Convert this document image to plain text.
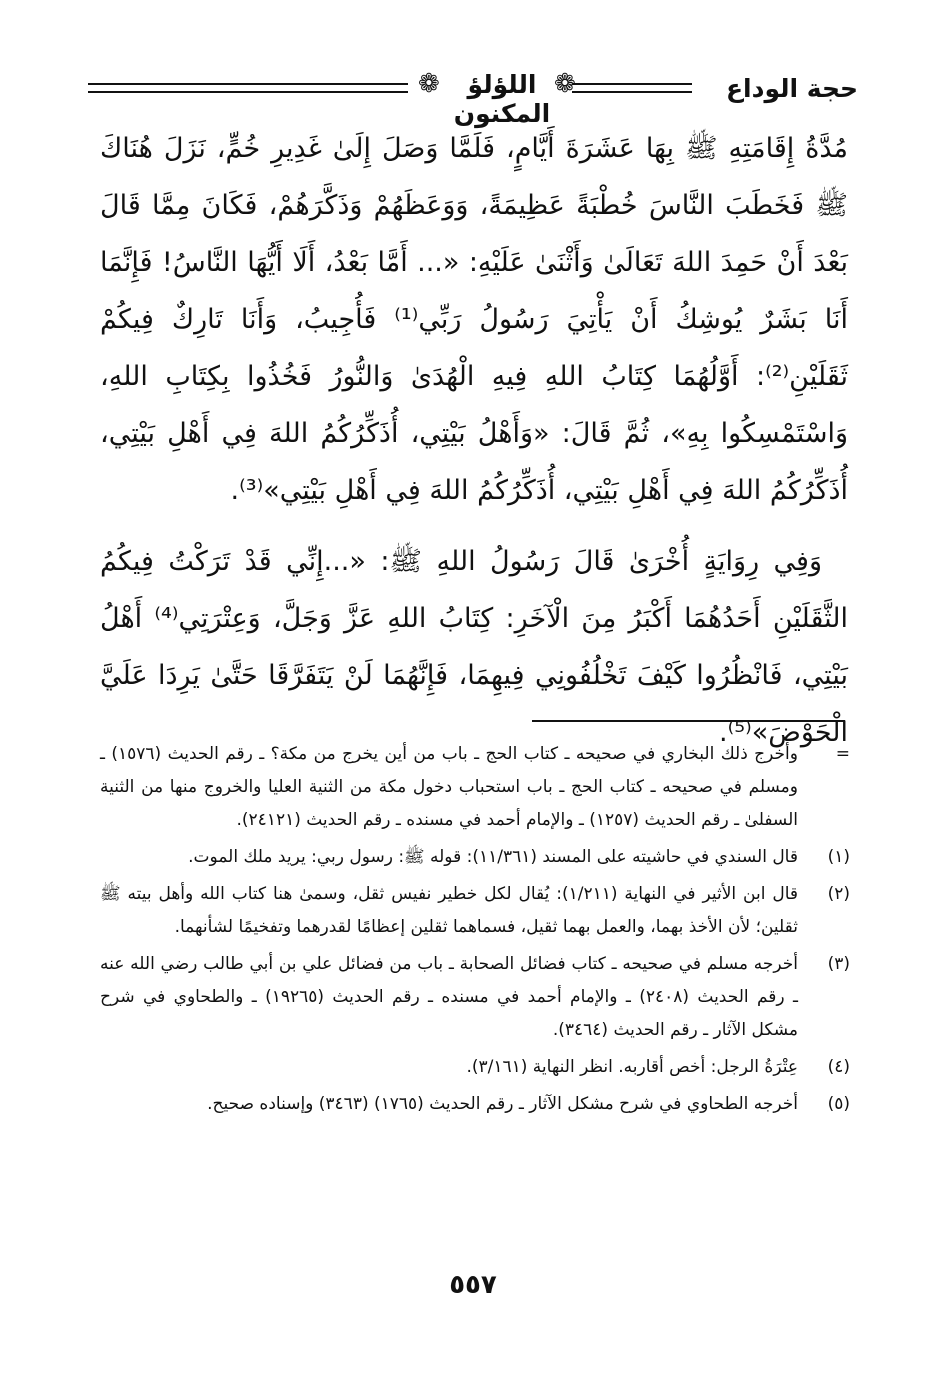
حجة الوداع
❁
اللؤلؤ المكنون
❁

مُدَّةُ إِقَامَتِهِ ﷺ بِهَا عَشَرَةَ أَيَّامٍ، فَلَمَّا وَصَلَ إِلَىٰ غَدِيرِ خُمٍّ، نَزَلَ هُنَاكَ ﷺ فَخَطَبَ النَّاسَ خُطْبَةً عَظِيمَةً، وَوَعَظَهُمْ وَذَكَّرَهُمْ، فَكَانَ مِمَّا قَالَ بَعْدَ أَنْ حَمِدَ اللهَ تَعَالَىٰ وَأَثْنَىٰ عَلَيْهِ: «... أَمَّا بَعْدُ، أَلَا أَيُّهَا النَّاسُ! فَإِنَّمَا أَنَا بَشَرٌ يُوشِكُ أَنْ يَأْتِيَ رَسُولُ رَبِّي⁽¹⁾ فَأُجِيبُ، وَأَنَا تَارِكٌ فِيكُمْ ثَقَلَيْنِ⁽²⁾: أَوَّلُهُمَا كِتَابُ اللهِ فِيهِ الْهُدَىٰ وَالنُّورُ فَخُذُوا بِكِتَابِ اللهِ، وَاسْتَمْسِكُوا بِهِ»، ثُمَّ قَالَ: «وَأَهْلُ بَيْتِي، أُذَكِّرُكُمُ اللهَ فِي أَهْلِ بَيْتِي، أُذَكِّرُكُمُ اللهَ فِي أَهْلِ بَيْتِي، أُذَكِّرُكُمُ اللهَ فِي أَهْلِ بَيْتِي»⁽³⁾.

وَفِي رِوَايَةٍ أُخْرَىٰ قَالَ رَسُولُ اللهِ ﷺ: «...إِنِّي قَدْ تَرَكْتُ فِيكُمُ الثَّقَلَيْنِ أَحَدُهُمَا أَكْبَرُ مِنَ الْآخَرِ: كِتَابُ اللهِ عَزَّ وَجَلَّ، وَعِتْرَتِي⁽⁴⁾ أَهْلُ بَيْتِي، فَانْظُرُوا كَيْفَ تَخْلُفُونِي فِيهِمَا، فَإِنَّهُمَا لَنْ يَتَفَرَّقَا حَتَّىٰ يَرِدَا عَلَيَّ الْحَوْضَ»⁽⁵⁾.

=
وأخرج ذلك البخاري في صحيحه ـ كتاب الحج ـ باب من أين يخرج من مكة؟ ـ رقم الحديث (١٥٧٦) ـ ومسلم في صحيحه ـ كتاب الحج ـ باب استحباب دخول مكة من الثنية العليا والخروج منها من الثنية السفلىٰ ـ رقم الحديث (١٢٥٧) ـ والإمام أحمد في مسنده ـ رقم الحديث (٢٤١٢١).
(١)
قال السندي في حاشيته على المسند (١١/٣٦١): قوله ﷺ: رسول ربي: يريد ملك الموت.
(٢)
قال ابن الأثير في النهاية (١/٢١١): يُقال لكل خطير نفيس ثقل، وسمىٰ هنا كتاب الله وأهل بيته ﷺ ثقلين؛ لأن الأخذ بهما، والعمل بهما ثقيل، فسماهما ثقلين إعظامًا لقدرهما وتفخيمًا لشأنهما.
(٣)
أخرجه مسلم في صحيحه ـ كتاب فضائل الصحابة ـ باب من فضائل علي بن أبي طالب رضي الله عنه ـ رقم الحديث (٢٤٠٨) ـ والإمام أحمد في مسنده ـ رقم الحديث (١٩٢٦٥) ـ والطحاوي في شرح مشكل الآثار ـ رقم الحديث (٣٤٦٤).
(٤)
عِتْرَةُ الرجل: أخص أقاربه. انظر النهاية (٣/١٦١).
(٥)
أخرجه الطحاوي في شرح مشكل الآثار ـ رقم الحديث (١٧٦٥) (٣٤٦٣) وإسناده صحيح.
٥٥٧
